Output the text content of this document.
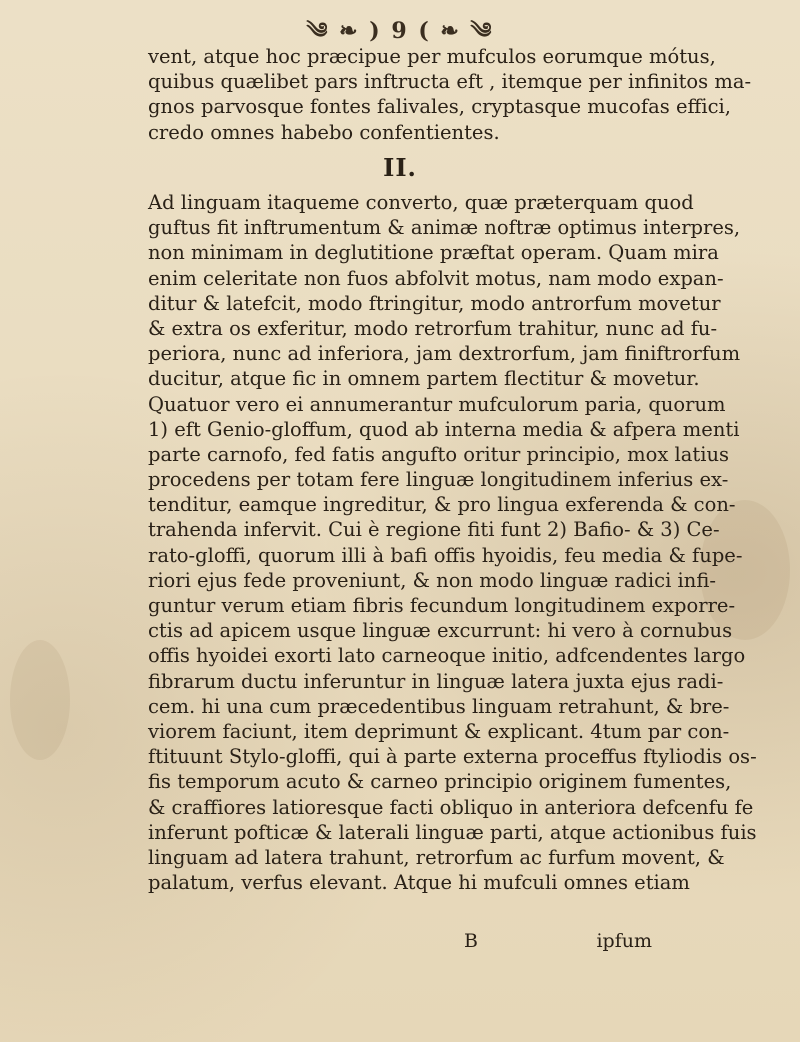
༄ ❧ ) 9 ( ❧ ༄
vent, atque hoc præcipue per mufculos eorumque mótus,
quibus quælibet pars inftructa eft , itemque per infinitos ma-
gnos parvosque fontes falivales, cryptasque mucofas effici,
credo omnes habebo confentientes.
II.
Ad linguam itaqueme converto, quæ præterquam quod
guftus fit inftrumentum & animæ noftræ optimus interpres,
non minimam in deglutitione præftat operam. Quam mira
enim celeritate non fuos abfolvit motus, nam modo expan-
ditur & latefcit, modo ftringitur, modo antrorfum movetur
& extra os exferitur, modo retrorfum trahitur, nunc ad fu-
periora, nunc ad inferiora, jam dextrorfum, jam finiftrorfum
ducitur, atque fic in omnem partem flectitur & movetur.
Quatuor vero ei annumerantur mufculorum paria, quorum
1) eft Genio-gloffum, quod ab interna media & afpera menti
parte carnofo, fed fatis angufto oritur principio, mox latius
procedens per totam fere linguæ longitudinem inferius ex-
tenditur, eamque ingreditur, & pro lingua exferenda & con-
trahenda infervit. Cui è regione fiti funt 2) Bafio- & 3) Ce-
rato-gloffi, quorum illi à bafi offis hyoidis, feu media & fupe-
riori ejus fede proveniunt, & non modo linguæ radici infi-
guntur verum etiam fibris fecundum longitudinem exporre-
ctis ad apicem usque linguæ excurrunt: hi vero à cornubus
offis hyoidei exorti lato carneoque initio, adfcendentes largo
fibrarum ductu inferuntur in linguæ latera juxta ejus radi-
cem. hi una cum præcedentibus linguam retrahunt, & bre-
viorem faciunt, item deprimunt & explicant. 4tum par con-
ftituunt Stylo-gloffi, qui à parte externa proceffus ftyliodis os-
fis temporum acuto & carneo principio originem fumentes,
& craffiores latioresque facti obliquo in anteriora defcenfu fe
inferunt pofticæ & laterali linguæ parti, atque actionibus fuis
linguam ad latera trahunt, retrorfum ac furfum movent, &
palatum, verfus elevant. Atque hi mufculi omnes etiam
B	ipfum
